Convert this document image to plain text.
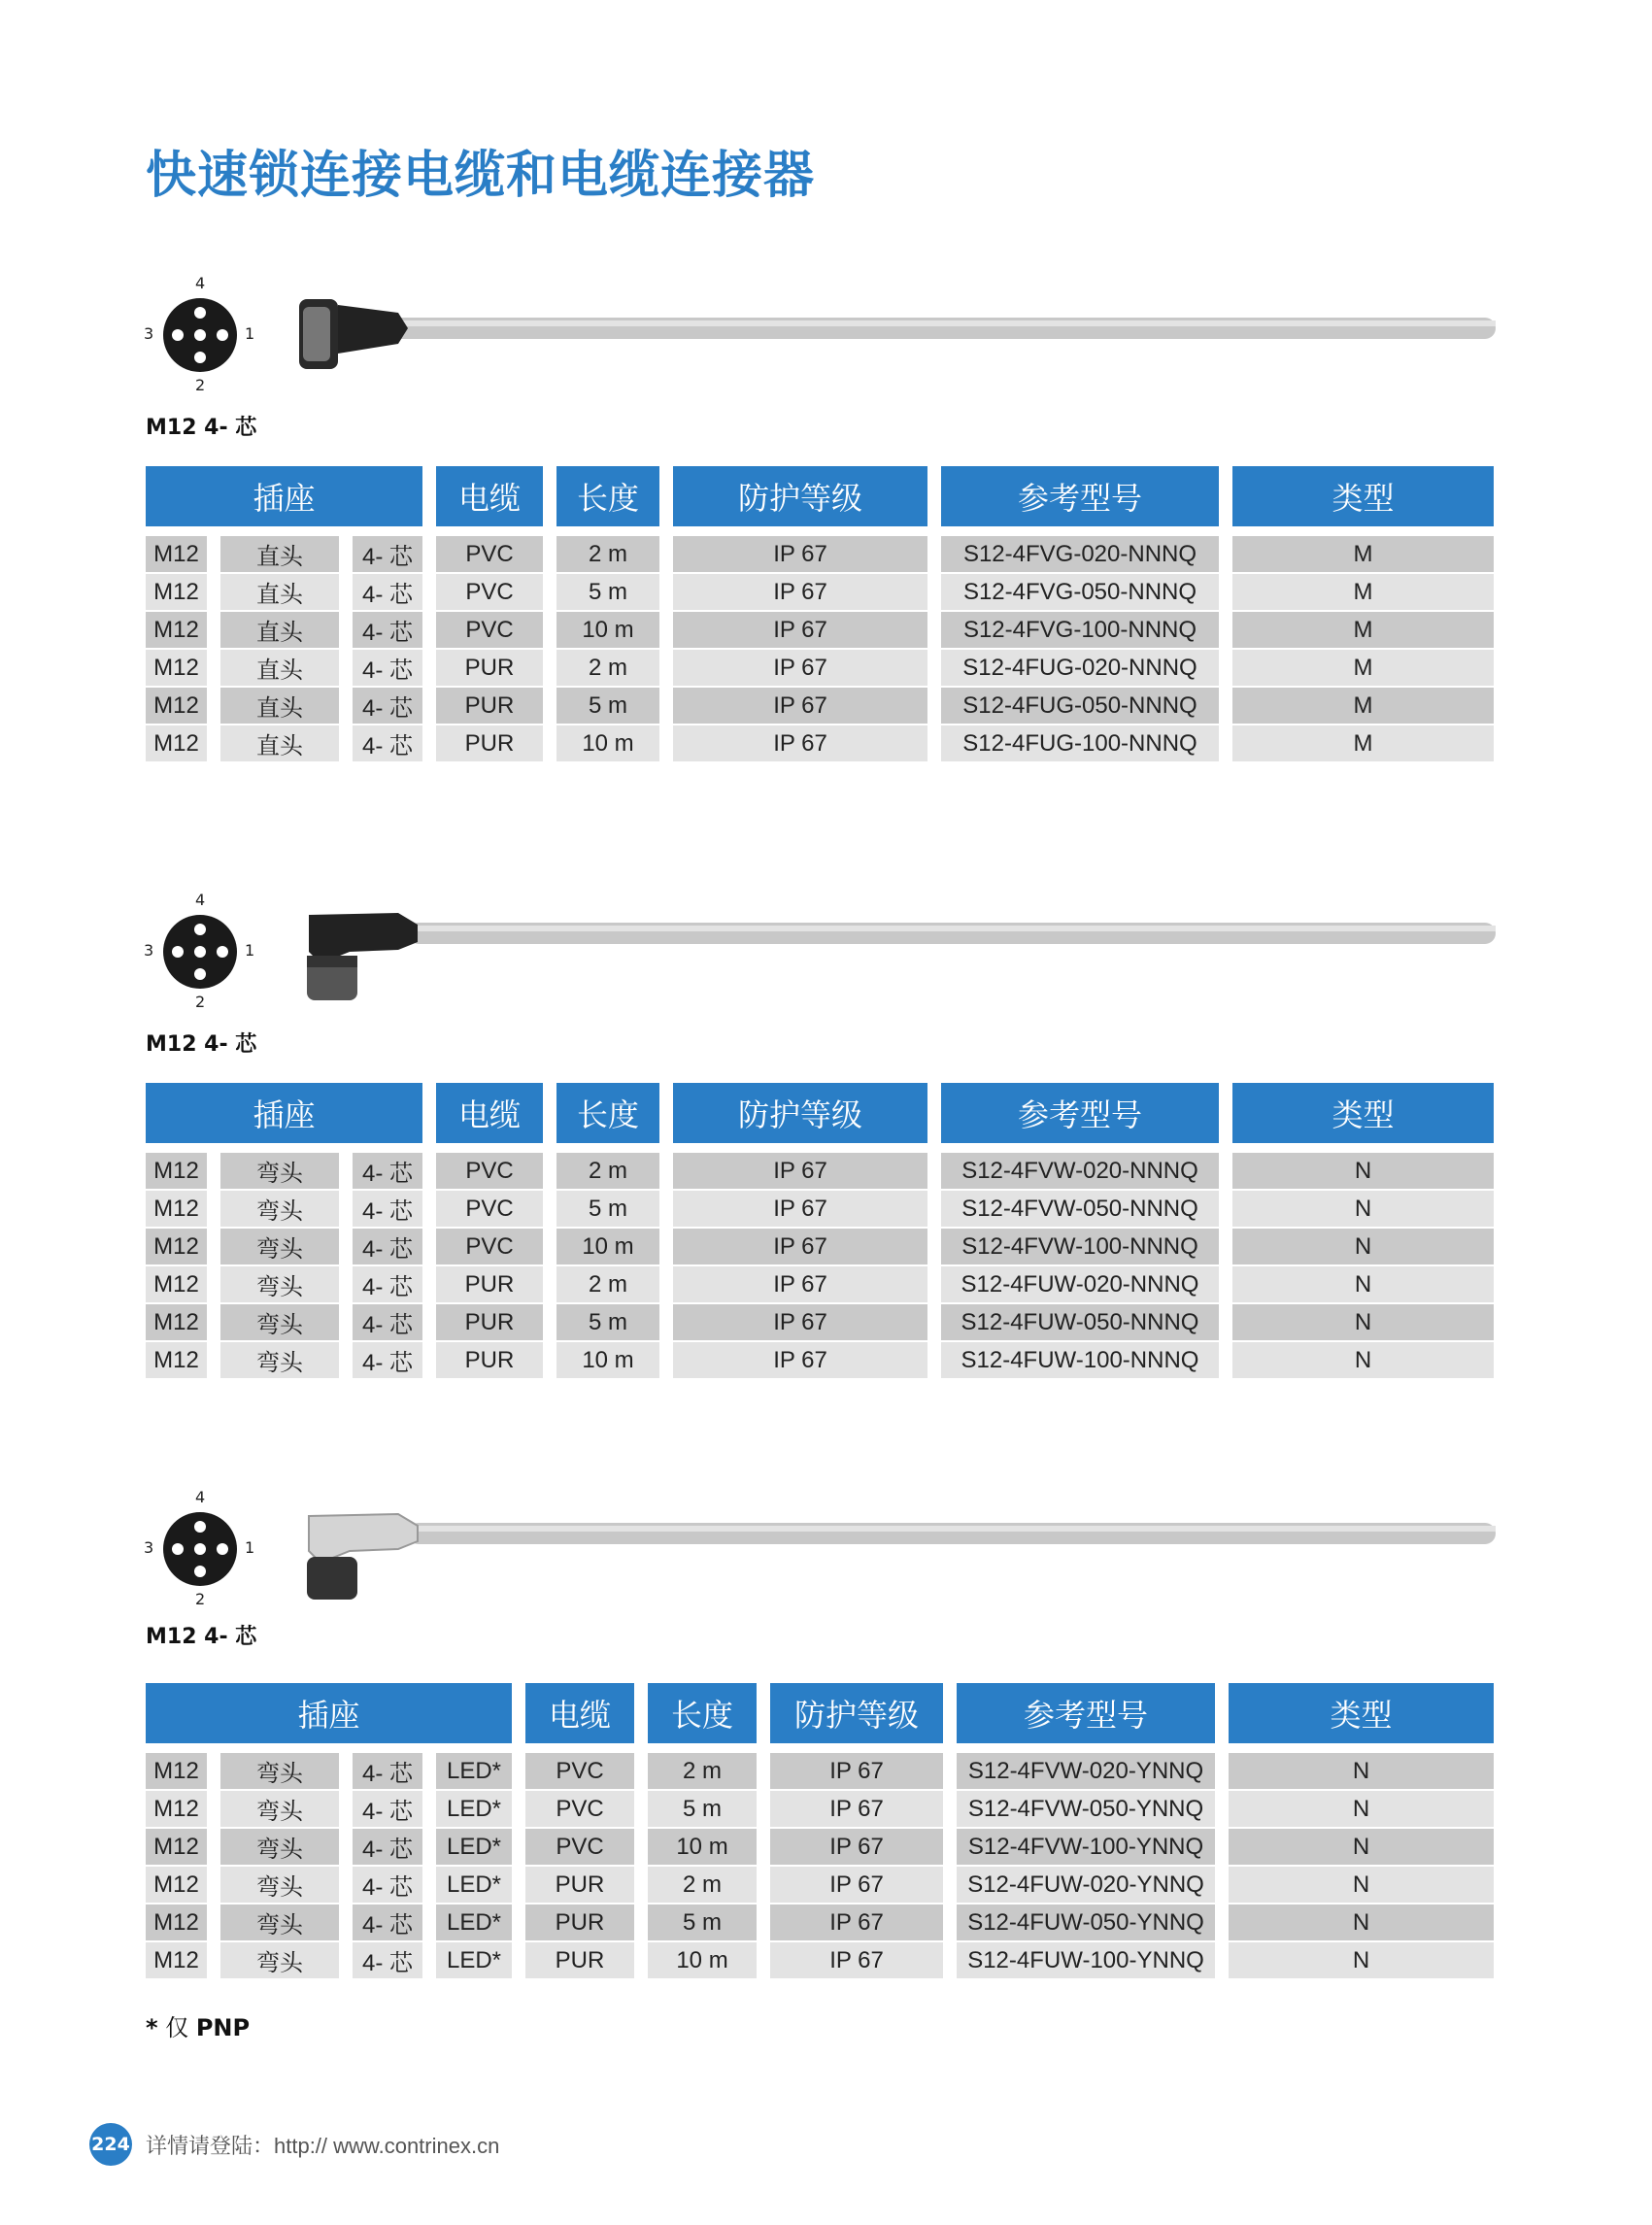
快速锁连接电缆和电缆连接器
4
3	1
2
M12 4- 芯
插座			电缆	长度	防护等级	参考型号	类型

M12	直头	4- 芯	PVC	2 m	IP 67	S12-4FVG-020-NNNQ	M
M12	直头	4- 芯	PVC	5 m	IP 67	S12-4FVG-050-NNNQ	M
M12	直头	4- 芯	PVC	10 m	IP 67	S12-4FVG-100-NNNQ	M
M12	直头	4- 芯	PUR	2 m	IP 67	S12-4FUG-020-NNNQ	M
M12	直头	4- 芯	PUR	5 m	IP 67	S12-4FUG-050-NNNQ	M
M12	直头	4- 芯	PUR	10 m	IP 67	S12-4FUG-100-NNNQ	M
4
3	1
2
M12 4- 芯
插座			电缆	长度	防护等级	参考型号	类型

M12	弯头	4- 芯	PVC	2 m	IP 67	S12-4FVW-020-NNNQ	N
M12	弯头	4- 芯	PVC	5 m	IP 67	S12-4FVW-050-NNNQ	N
M12	弯头	4- 芯	PVC	10 m	IP 67	S12-4FVW-100-NNNQ	N
M12	弯头	4- 芯	PUR	2 m	IP 67	S12-4FUW-020-NNNQ	N
M12	弯头	4- 芯	PUR	5 m	IP 67	S12-4FUW-050-NNNQ	N
M12	弯头	4- 芯	PUR	10 m	IP 67	S12-4FUW-100-NNNQ	N
4
3	1
2
M12 4- 芯
插座				电缆	长度	防护等级	参考型号	类型

M12	弯头	4- 芯	LED*	PVC	2 m	IP 67	S12-4FVW-020-YNNQ	N
M12	弯头	4- 芯	LED*	PVC	5 m	IP 67	S12-4FVW-050-YNNQ	N
M12	弯头	4- 芯	LED*	PVC	10 m	IP 67	S12-4FVW-100-YNNQ	N
M12	弯头	4- 芯	LED*	PUR	2 m	IP 67	S12-4FUW-020-YNNQ	N
M12	弯头	4- 芯	LED*	PUR	5 m	IP 67	S12-4FUW-050-YNNQ	N
M12	弯头	4- 芯	LED*	PUR	10 m	IP 67	S12-4FUW-100-YNNQ	N
* 仅 PNP
224 详情请登陆：http:// www.contrinex.cn
